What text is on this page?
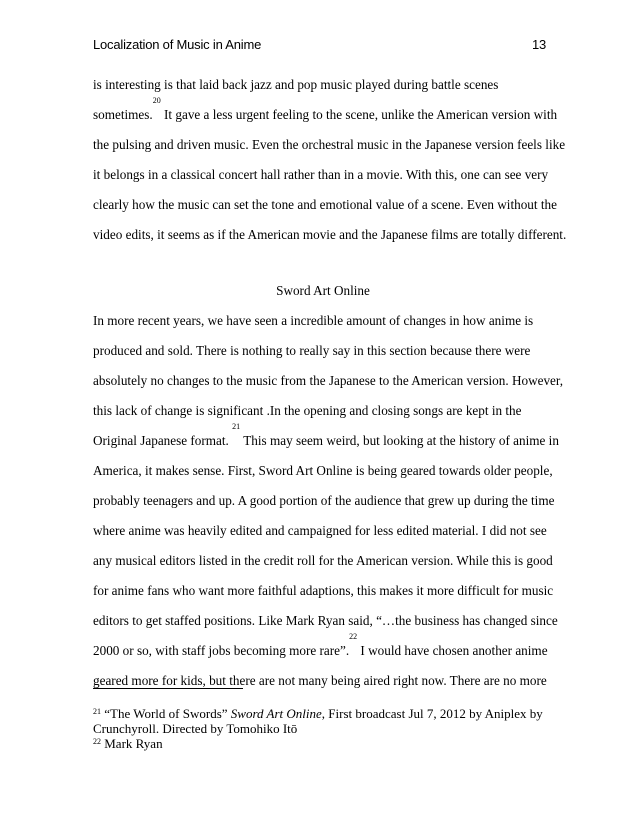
Localization of Music in Anime	13
is interesting is that laid back jazz and pop music played during battle scenes
sometimes.$^{20}$ It gave a less urgent feeling to the scene, unlike the American version with
the pulsing and driven music. Even the orchestral music in the Japanese version feels like
it belongs in a classical concert hall rather than in a movie. With this, one can see very
clearly how the music can set the tone and emotional value of a scene. Even without the
video edits, it seems as if the American movie and the Japanese films are totally different.
Sword Art Online
In more recent years, we have seen a incredible amount of changes in how anime is
produced and sold. There is nothing to really say in this section because there were
absolutely no changes to the music from the Japanese to the American version. However,
this lack of change is significant .In the opening and closing songs are kept in the
Original Japanese format. $^{21}$ This may seem weird, but looking at the history of anime in
America, it makes sense. First, Sword Art Online is being geared towards older people,
probably teenagers and up. A good portion of the audience that grew up during the time
where anime was heavily edited and campaigned for less edited material. I did not see
any musical editors listed in the credit roll for the American version. While this is good
for anime fans who want more faithful adaptions, this makes it more difficult for music
editors to get staffed positions. Like Mark Ryan said, “…the business has changed since
2000 or so, with staff jobs becoming more rare”.$^{22}$ I would have chosen another anime
geared more for kids, but there are not many being aired right now. There are no more
$^{21}$ “The World of Swords” Sword Art Online, First broadcast Jul 7, 2012 by Aniplex by
Crunchyroll. Directed by Tomohiko Itō
$^{22}$ Mark Ryan
